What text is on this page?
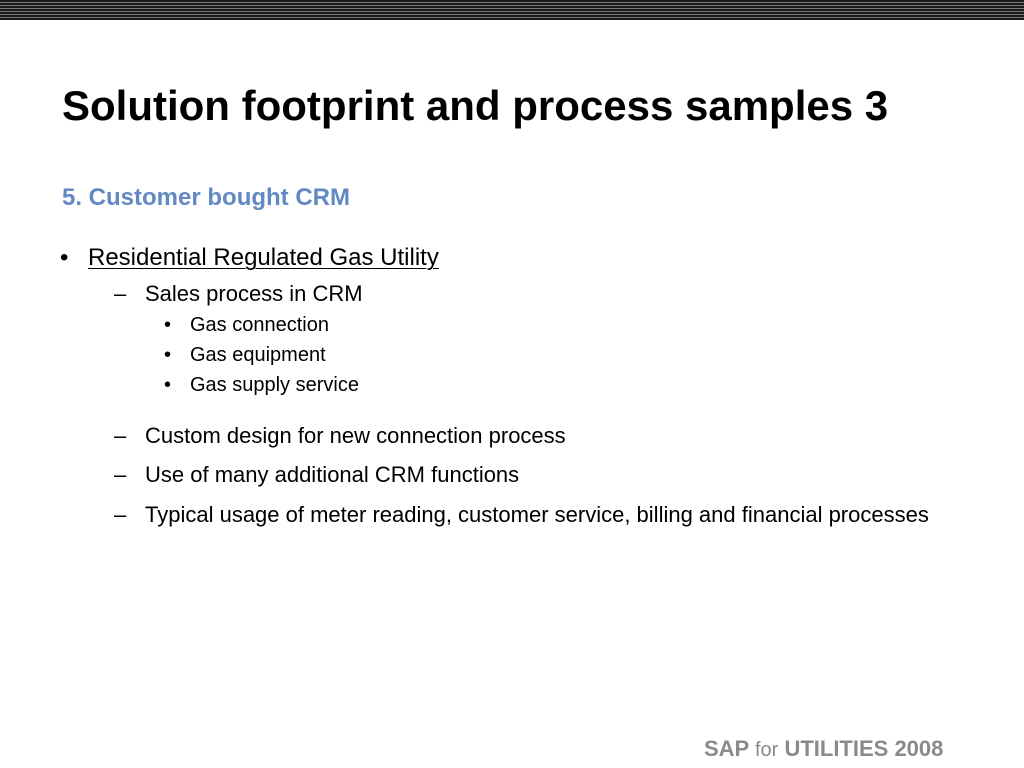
Solution footprint and process samples 3
5. Customer bought CRM
• Residential Regulated Gas Utility
– Sales process in CRM
• Gas connection
• Gas equipment
• Gas supply service
– Custom design for new connection process
– Use of many additional CRM functions
– Typical usage of meter reading, customer service, billing and financial processes
SAP for UTILITIES 2008
